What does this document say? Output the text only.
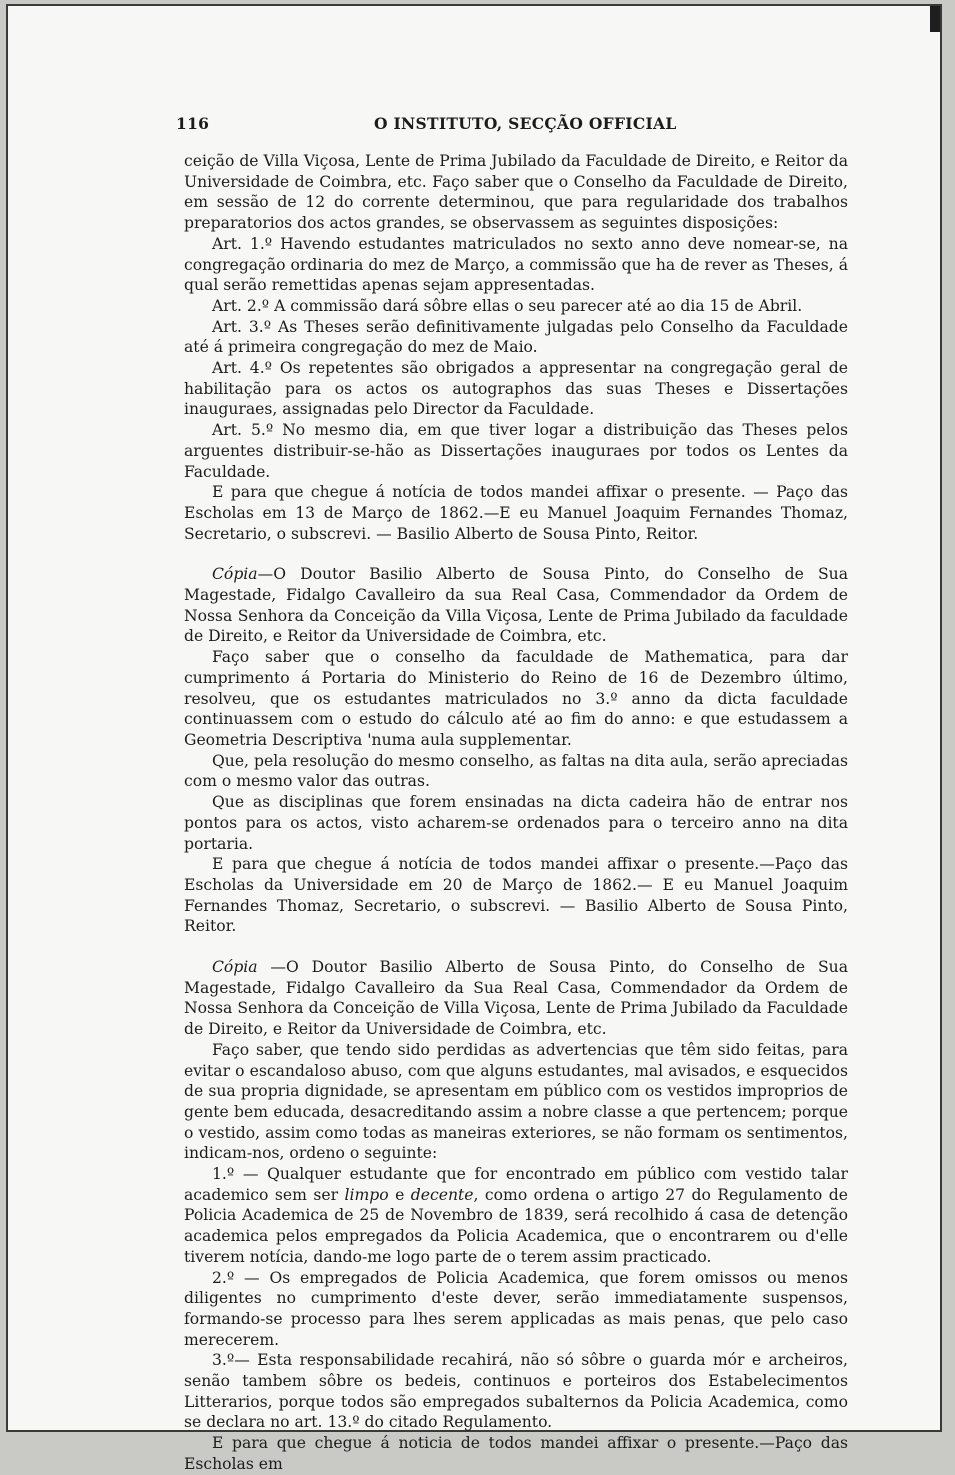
116	O INSTITUTO, SECÇÃO OFFICIAL

ceição de Villa Viçosa, Lente de Prima Jubilado da Faculdade de Direito, e Reitor da Universidade de Coimbra, etc. Faço saber que o Conselho da Faculdade de Direito, em sessão de 12 do corrente determinou, que para regularidade dos trabalhos preparatorios dos actos grandes, se observassem as seguintes disposições:

Art. 1.º Havendo estudantes matriculados no sexto anno deve nomear-se, na congregação ordinaria do mez de Março, a commissão que ha de rever as Theses, á qual serão remettidas apenas sejam appresentadas.

Art. 2.º A commissão dará sôbre ellas o seu parecer até ao dia 15 de Abril.

Art. 3.º As Theses serão definitivamente julgadas pelo Conselho da Faculdade até á primeira congregação do mez de Maio.

Art. 4.º Os repetentes são obrigados a appresentar na congregação geral de habilitação para os actos os autographos das suas Theses e Dissertações inauguraes, assignadas pelo Director da Faculdade.

Art. 5.º No mesmo dia, em que tiver logar a distribuição das Theses pelos arguentes distribuir-se-hão as Dissertações inauguraes por todos os Lentes da Faculdade.

E para que chegue á notícia de todos mandei affixar o presente. — Paço das Escholas em 13 de Março de 1862.—E eu Manuel Joaquim Fernandes Thomaz, Secretario, o subscrevi. — Basilio Alberto de Sousa Pinto, Reitor.

Cópia—O Doutor Basilio Alberto de Sousa Pinto, do Conselho de Sua Magestade, Fidalgo Cavalleiro da sua Real Casa, Commendador da Ordem de Nossa Senhora da Conceição da Villa Viçosa, Lente de Prima Jubilado da faculdade de Direito, e Reitor da Universidade de Coimbra, etc.

Faço saber que o conselho da faculdade de Mathematica, para dar cumprimento á Portaria do Ministerio do Reino de 16 de Dezembro último, resolveu, que os estudantes matriculados no 3.º anno da dicta faculdade continuassem com o estudo do cálculo até ao fim do anno: e que estudassem a Geometria Descriptiva 'numa aula supplementar.

Que, pela resolução do mesmo conselho, as faltas na dita aula, serão apreciadas com o mesmo valor das outras.

Que as disciplinas que forem ensinadas na dicta cadeira hão de entrar nos pontos para os actos, visto acharem-se ordenados para o terceiro anno na dita portaria.

E para que chegue á notícia de todos mandei affixar o presente.—Paço das Escholas da Universidade em 20 de Março de 1862.— E eu Manuel Joaquim Fernandes Thomaz, Secretario, o subscrevi. — Basilio Alberto de Sousa Pinto, Reitor.

Cópia —O Doutor Basilio Alberto de Sousa Pinto, do Conselho de Sua Magestade, Fidalgo Cavalleiro da Sua Real Casa, Commendador da Ordem de Nossa Senhora da Conceição de Villa Viçosa, Lente de Prima Jubilado da Faculdade de Direito, e Reitor da Universidade de Coimbra, etc.

Faço saber, que tendo sido perdidas as advertencias que têm sido feitas, para evitar o escandaloso abuso, com que alguns estudantes, mal avisados, e esquecidos de sua propria dignidade, se apresentam em público com os vestidos improprios de gente bem educada, desacreditando assim a nobre classe a que pertencem; porque o vestido, assim como todas as maneiras exteriores, se não formam os sentimentos, indicam-nos, ordeno o seguinte:

1.º — Qualquer estudante que for encontrado em público com vestido talar academico sem ser limpo e decente, como ordena o artigo 27 do Regulamento de Policia Academica de 25 de Novembro de 1839, será recolhido á casa de detenção academica pelos empregados da Policia Academica, que o encontrarem ou d'elle tiverem notícia, dando-me logo parte de o terem assim practicado.

2.º — Os empregados de Policia Academica, que forem omissos ou menos diligentes no cumprimento d'este dever, serão immediatamente suspensos, formando-se processo para lhes serem applicadas as mais penas, que pelo caso merecerem.

3.º— Esta responsabilidade recahirá, não só sôbre o guarda mór e archeiros, senão tambem sôbre os bedeis, continuos e porteiros dos Estabelecimentos Litterarios, porque todos são empregados subalternos da Policia Academica, como se declara no art. 13.º do citado Regulamento.

E para que chegue á noticia de todos mandei affixar o presente.—Paço das Escholas em
